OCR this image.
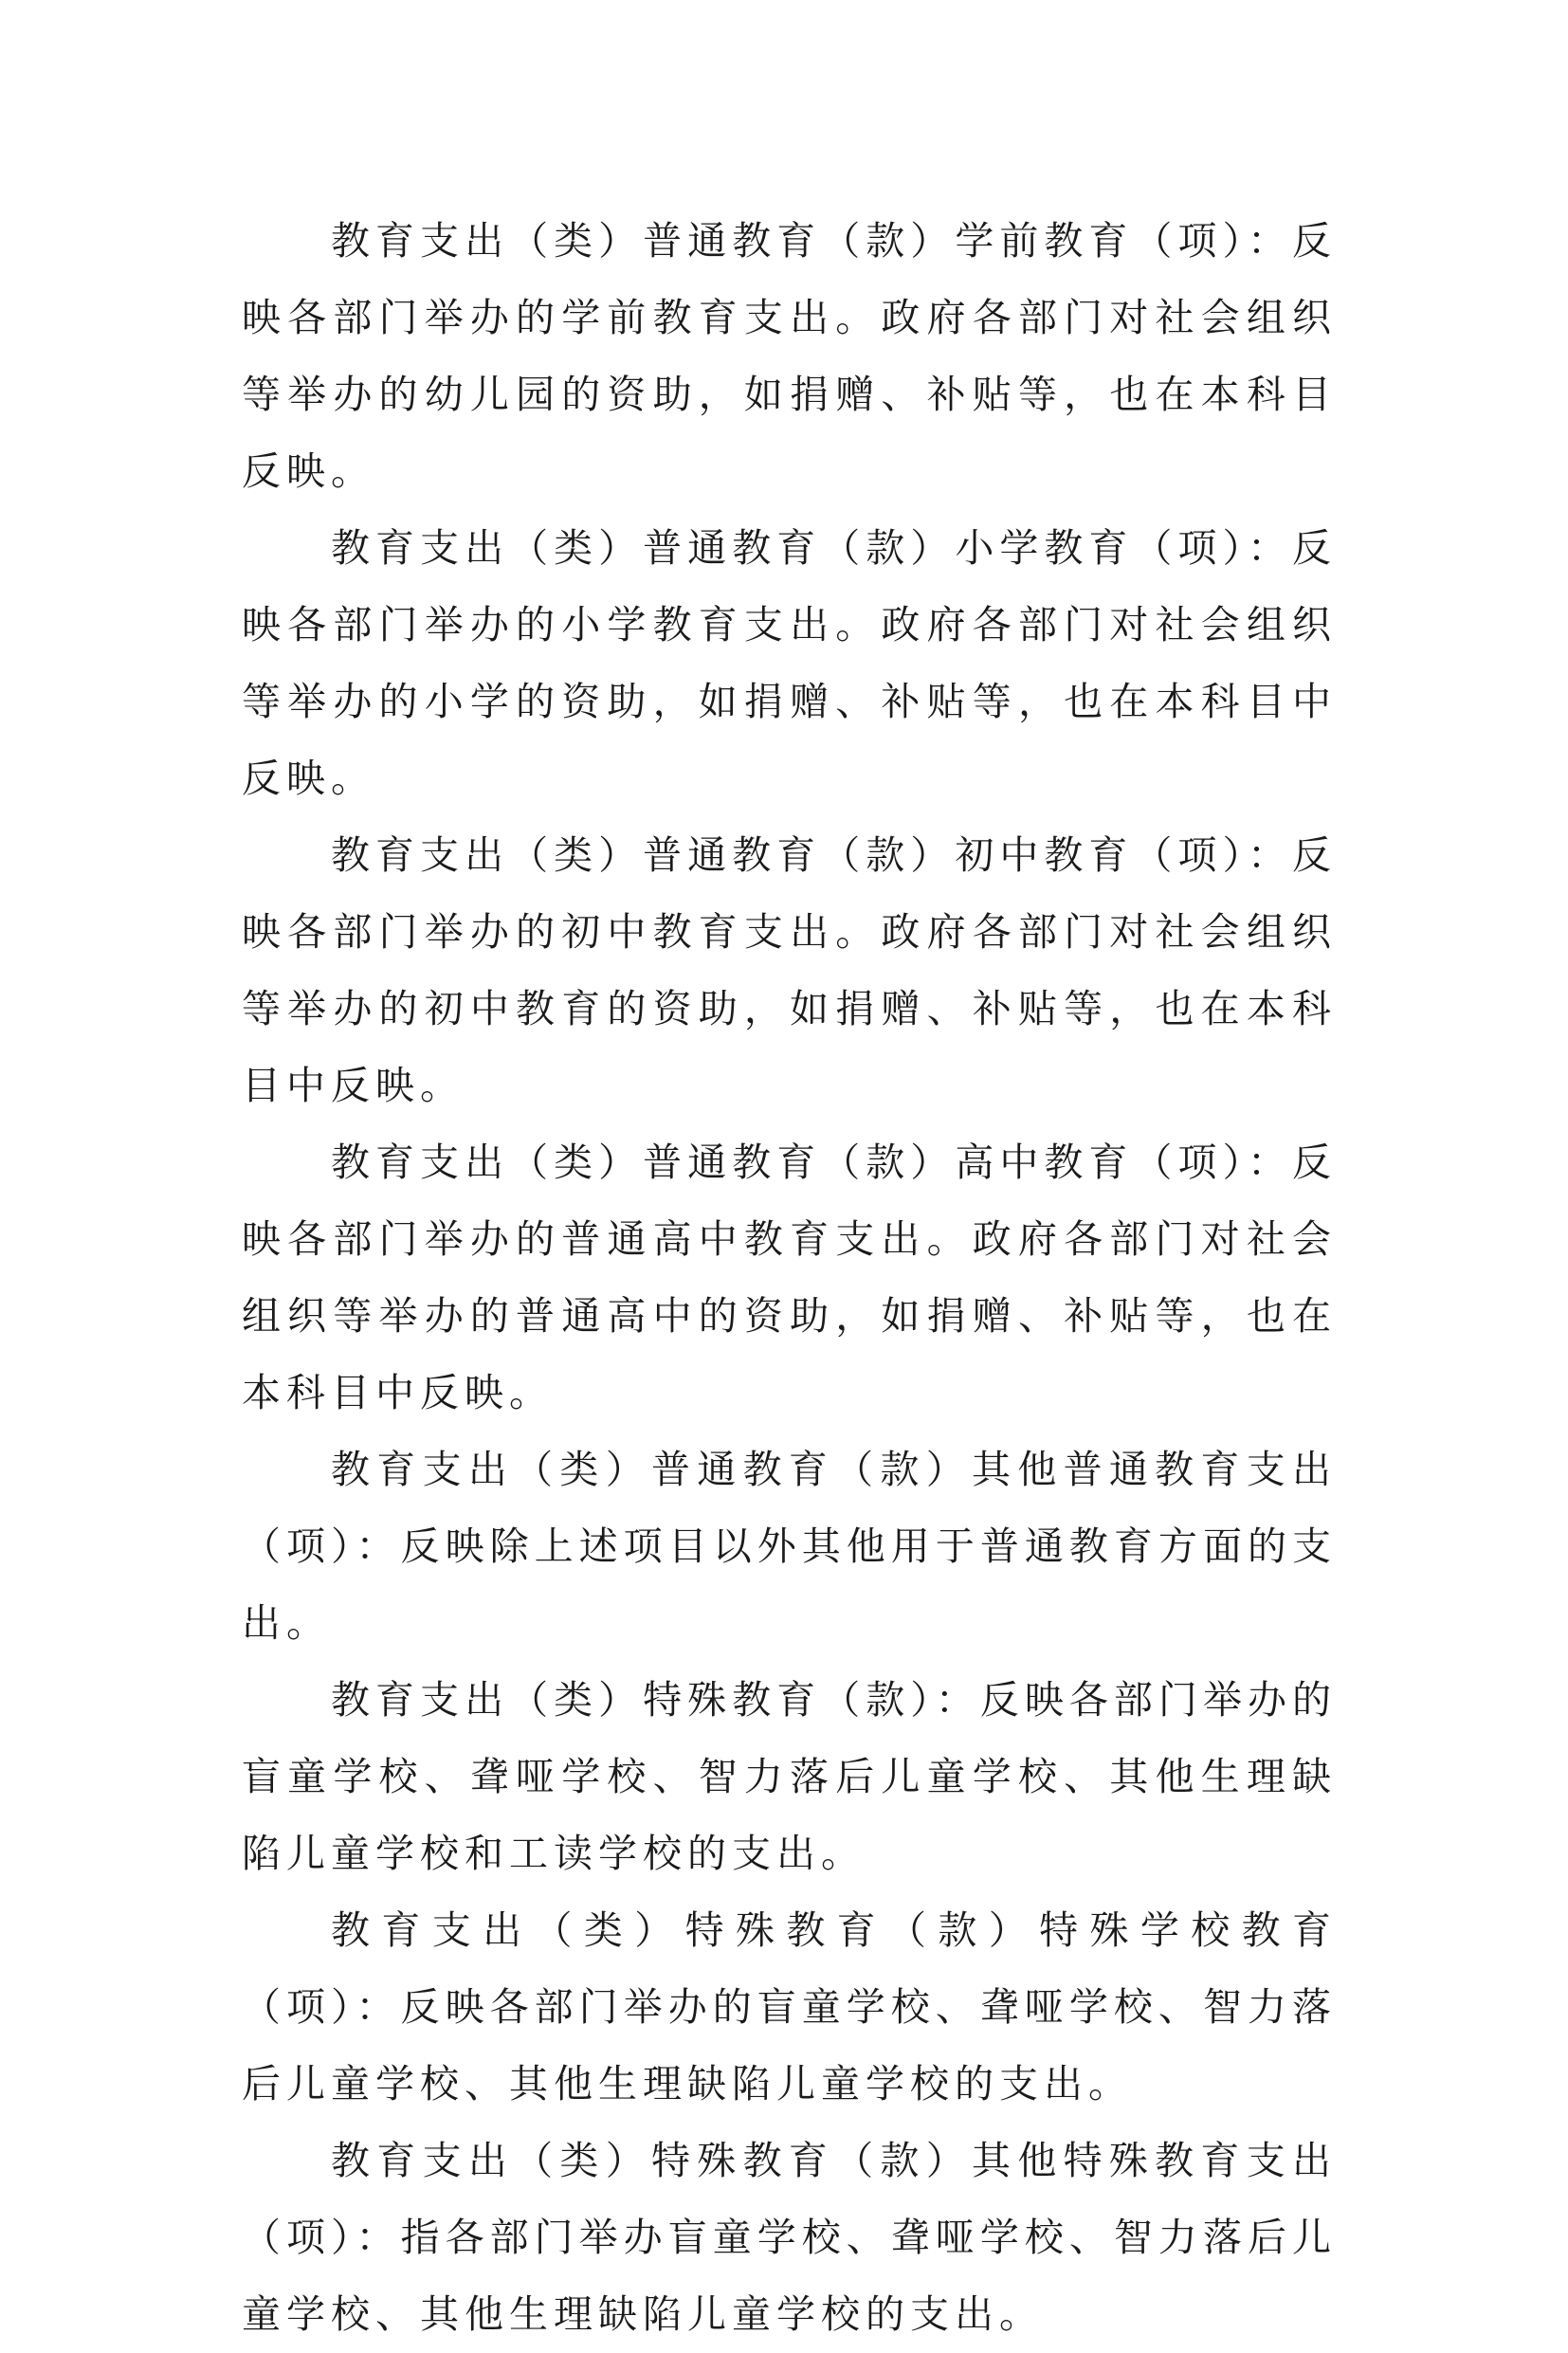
教育支出（类）普通教育（款）学前教育（项）：反映各部门举办的学前教育支出。政府各部门对社会组织等举办的幼儿园的资助，如捐赠、补贴等，也在本科目反映。

教育支出（类）普通教育（款）小学教育（项）：反映各部门举办的小学教育支出。政府各部门对社会组织等举办的小学的资助，如捐赠、补贴等，也在本科目中反映。

教育支出（类）普通教育（款）初中教育（项）：反映各部门举办的初中教育支出。政府各部门对社会组织等举办的初中教育的资助，如捐赠、补贴等，也在本科目中反映。

教育支出（类）普通教育（款）高中教育（项）：反映各部门举办的普通高中教育支出。政府各部门对社会组织等举办的普通高中的资助，如捐赠、补贴等，也在本科目中反映。

教育支出（类）普通教育（款）其他普通教育支出（项）：反映除上述项目以外其他用于普通教育方面的支出。

教育支出（类）特殊教育（款）：反映各部门举办的盲童学校、聋哑学校、智力落后儿童学校、其他生理缺陷儿童学校和工读学校的支出。

教育支出（类）特殊教育（款）特殊学校教育（项）：反映各部门举办的盲童学校、聋哑学校、智力落后儿童学校、其他生理缺陷儿童学校的支出。

教育支出（类）特殊教育（款）其他特殊教育支出（项）：指各部门举办盲童学校、聋哑学校、智力落后儿童学校、其他生理缺陷儿童学校的支出。
